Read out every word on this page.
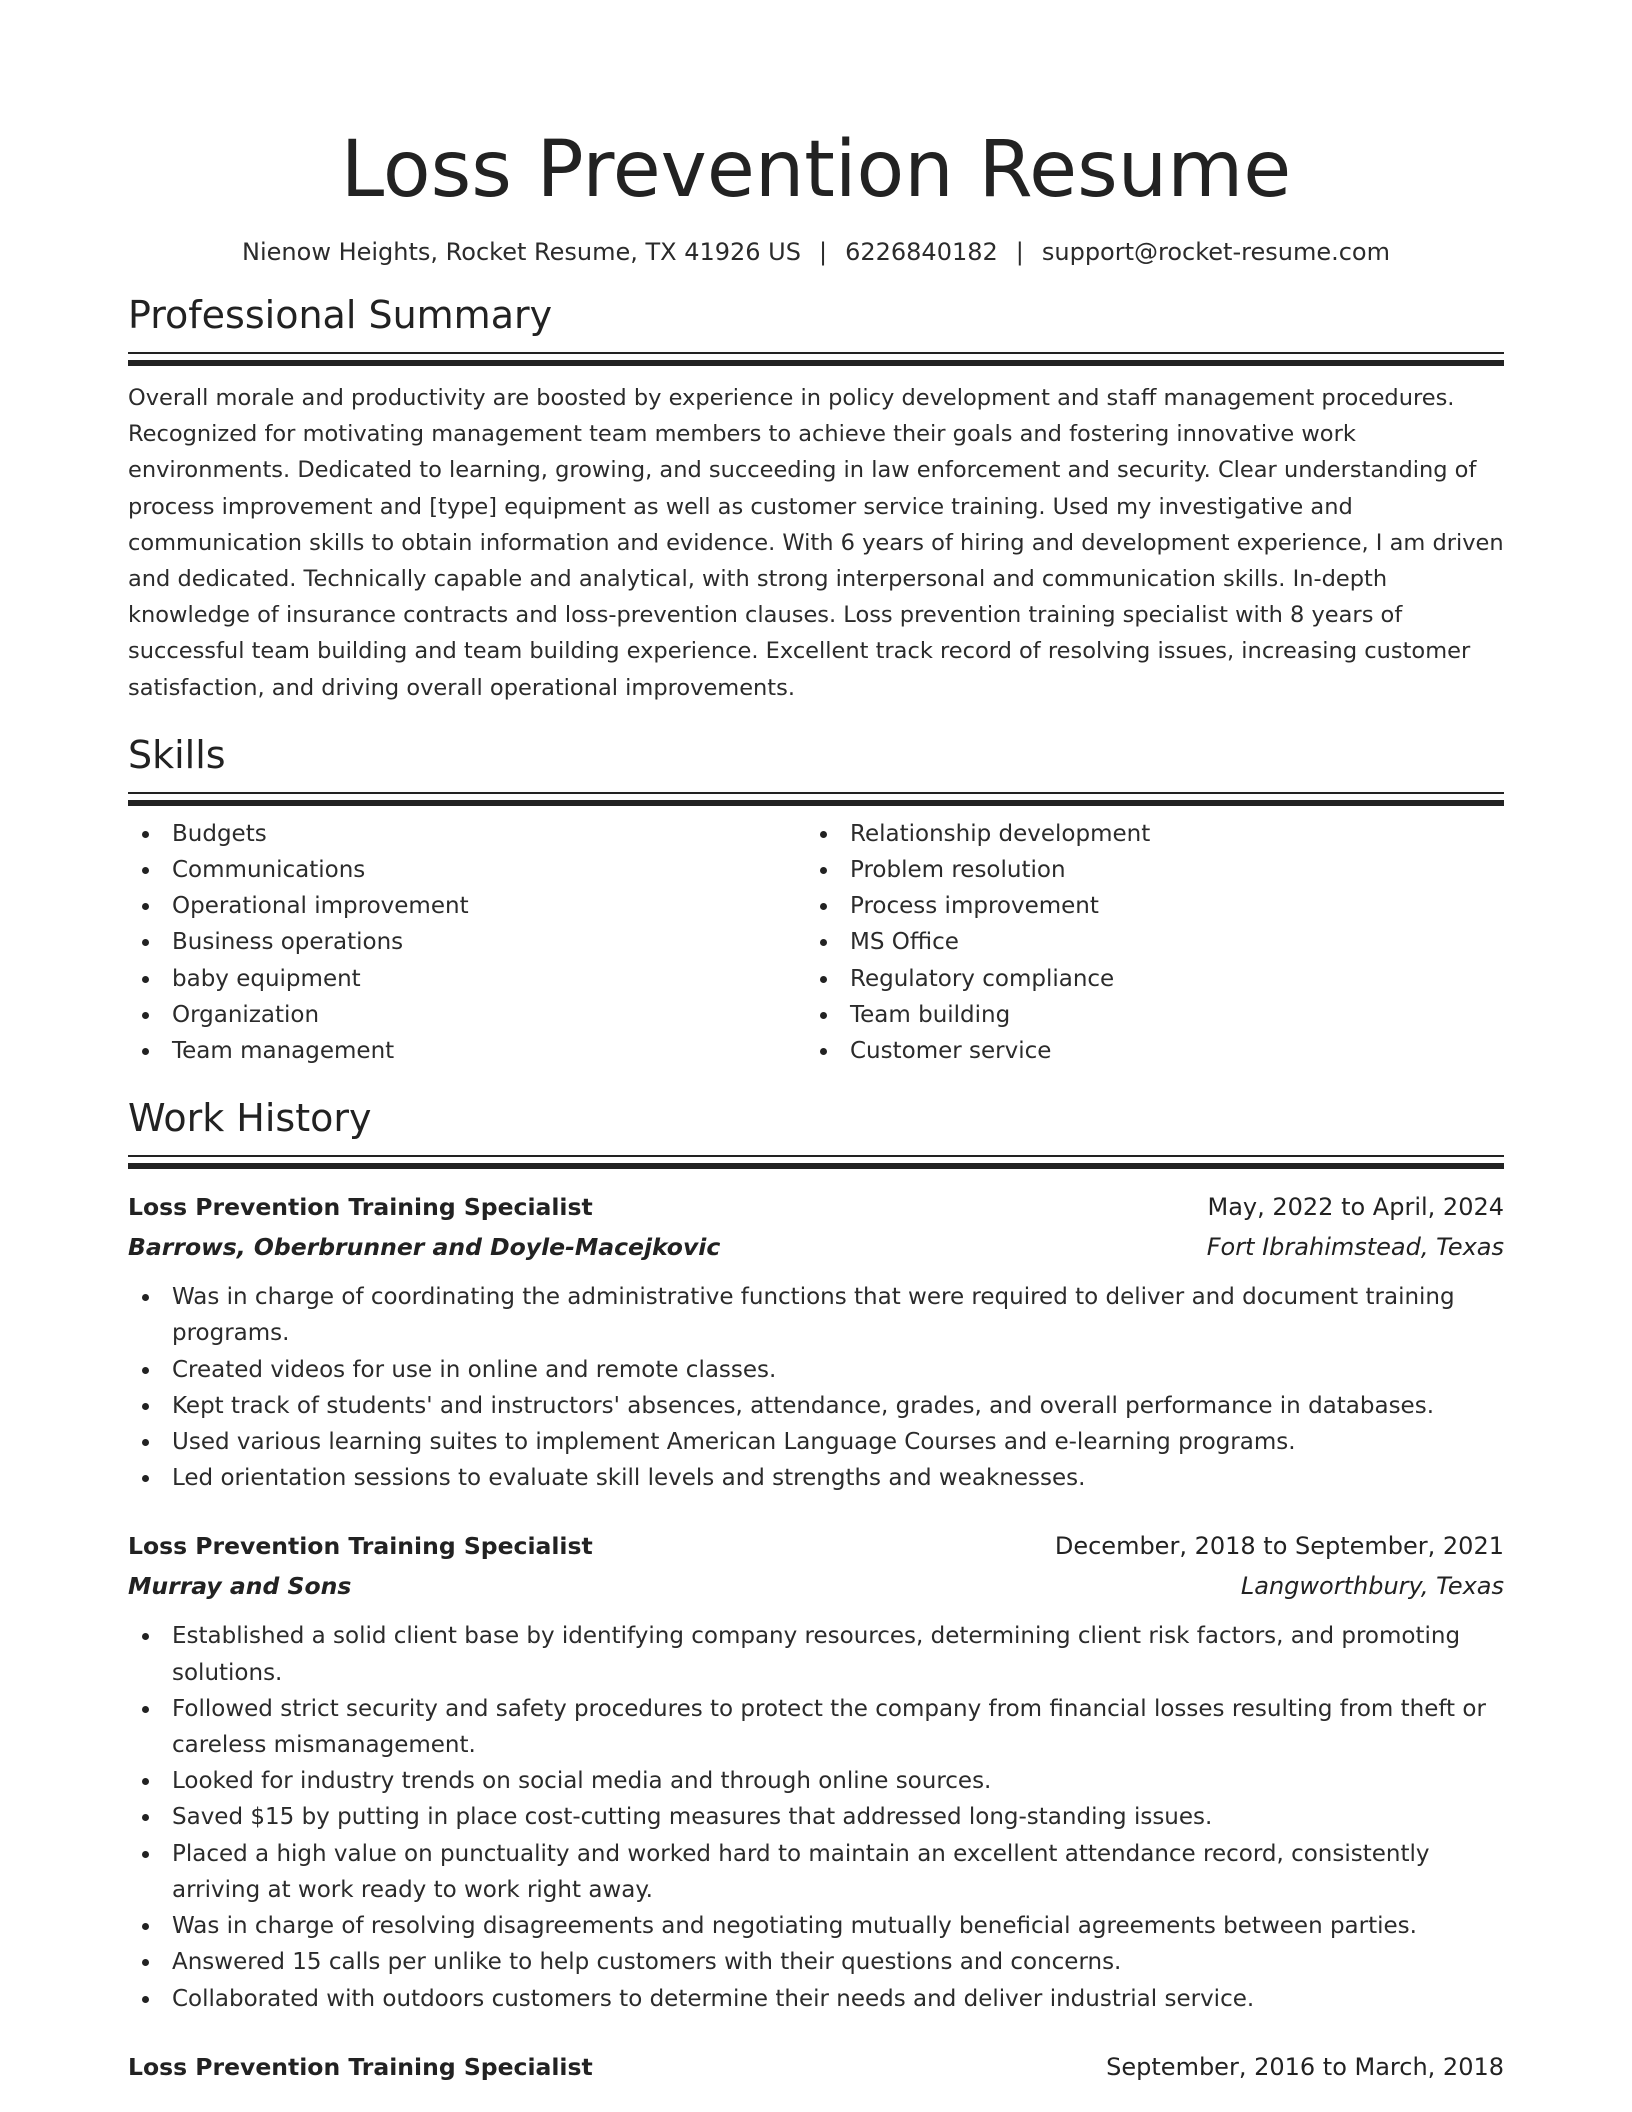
Loss Prevention Resume
Nienow Heights, Rocket Resume, TX 41926 US | 6226840182 | support@rocket-resume.com
Professional Summary

Overall morale and productivity are boosted by experience in policy development and staff management procedures. Recognized for motivating management team members to achieve their goals and fostering innovative work environments. Dedicated to learning, growing, and succeeding in law enforcement and security. Clear understanding of process improvement and [type] equipment as well as customer service training. Used my investigative and communication skills to obtain information and evidence. With 6 years of hiring and development experience, I am driven and dedicated. Technically capable and analytical, with strong interpersonal and communication skills. In-depth knowledge of insurance contracts and loss-prevention clauses. Loss prevention training specialist with 8 years of successful team building and team building experience. Excellent track record of resolving issues, increasing customer satisfaction, and driving overall operational improvements.

Skills
Budgets
Communications
Operational improvement
Business operations
baby equipment
Organization
Team management
Relationship development
Problem resolution
Process improvement
MS Office
Regulatory compliance
Team building
Customer service
Work History
Loss Prevention Training Specialist	May, 2022 to April, 2024
Barrows, Oberbrunner and Doyle-Macejkovic	Fort Ibrahimstead, Texas
Was in charge of coordinating the administrative functions that were required to deliver and document training programs.
Created videos for use in online and remote classes.
Kept track of students' and instructors' absences, attendance, grades, and overall performance in databases.
Used various learning suites to implement American Language Courses and e-learning programs.
Led orientation sessions to evaluate skill levels and strengths and weaknesses.
Loss Prevention Training Specialist	December, 2018 to September, 2021
Murray and Sons	Langworthbury, Texas
Established a solid client base by identifying company resources, determining client risk factors, and promoting solutions.
Followed strict security and safety procedures to protect the company from financial losses resulting from theft or careless mismanagement.
Looked for industry trends on social media and through online sources.
Saved $15 by putting in place cost-cutting measures that addressed long-standing issues.
Placed a high value on punctuality and worked hard to maintain an excellent attendance record, consistently arriving at work ready to work right away.
Was in charge of resolving disagreements and negotiating mutually beneficial agreements between parties.
Answered 15 calls per unlike to help customers with their questions and concerns.
Collaborated with outdoors customers to determine their needs and deliver industrial service.
Loss Prevention Training Specialist	September, 2016 to March, 2018
